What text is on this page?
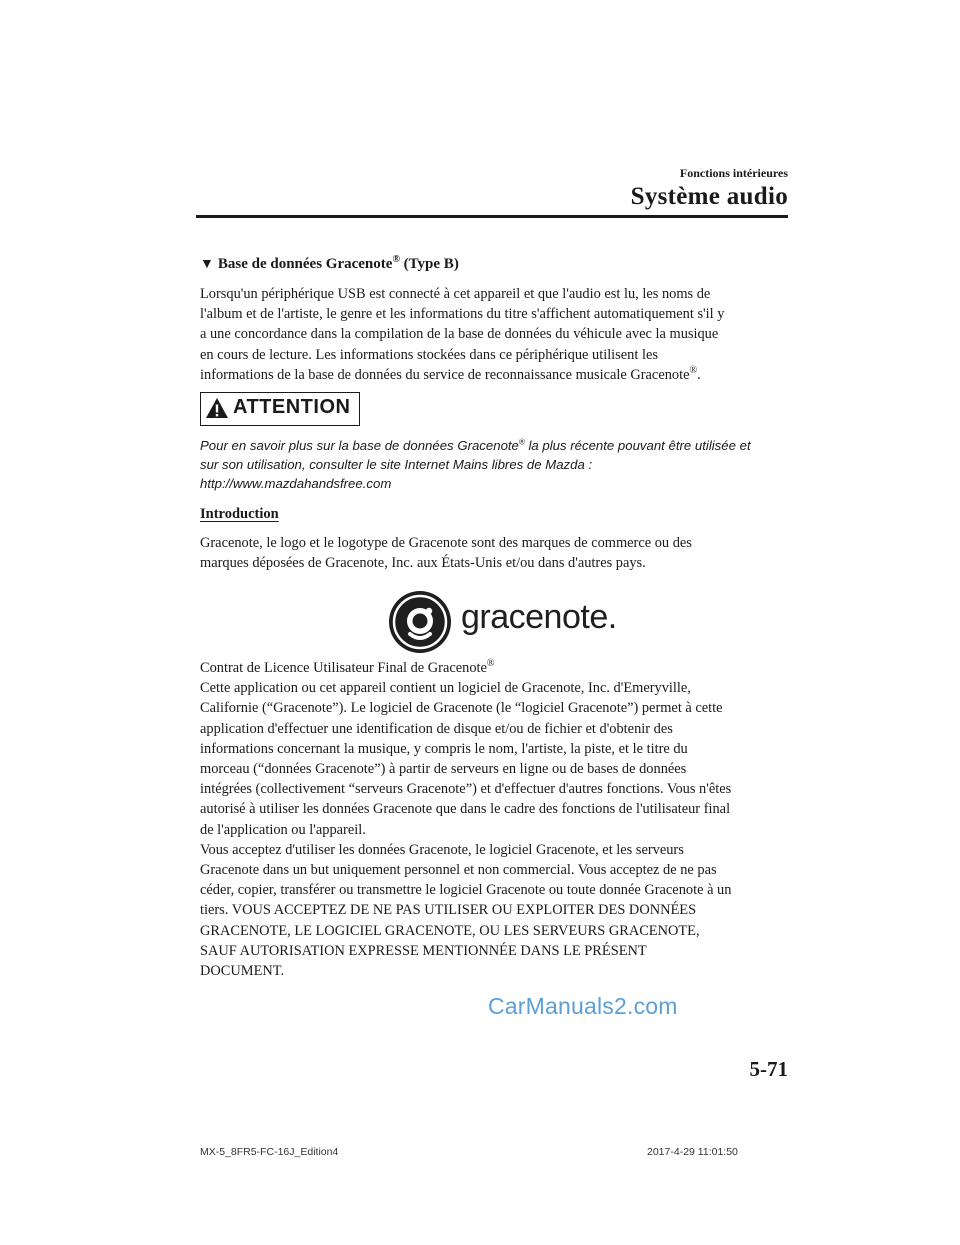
Fonctions intérieures
Système audio
▼ Base de données Gracenote® (Type B)
Lorsqu'un périphérique USB est connecté à cet appareil et que l'audio est lu, les noms de
l'album et de l'artiste, le genre et les informations du titre s'affichent automatiquement s'il y
a une concordance dans la compilation de la base de données du véhicule avec la musique
en cours de lecture. Les informations stockées dans ce périphérique utilisent les
informations de la base de données du service de reconnaissance musicale Gracenote®.
ATTENTION
Pour en savoir plus sur la base de données Gracenote® la plus récente pouvant être utilisée et
sur son utilisation, consulter le site Internet Mains libres de Mazda :
http://www.mazdahandsfree.com
Introduction
Gracenote, le logo et le logotype de Gracenote sont des marques de commerce ou des
marques déposées de Gracenote, Inc. aux États-Unis et/ou dans d'autres pays.
gracenote.
Contrat de Licence Utilisateur Final de Gracenote®
Cette application ou cet appareil contient un logiciel de Gracenote, Inc. d'Emeryville,
Californie (“Gracenote”). Le logiciel de Gracenote (le “logiciel Gracenote”) permet à cette
application d'effectuer une identification de disque et/ou de fichier et d'obtenir des
informations concernant la musique, y compris le nom, l'artiste, la piste, et le titre du
morceau (“données Gracenote”) à partir de serveurs en ligne ou de bases de données
intégrées (collectivement “serveurs Gracenote”) et d'effectuer d'autres fonctions. Vous n'êtes
autorisé à utiliser les données Gracenote que dans le cadre des fonctions de l'utilisateur final
de l'application ou l'appareil.
Vous acceptez d'utiliser les données Gracenote, le logiciel Gracenote, et les serveurs
Gracenote dans un but uniquement personnel et non commercial. Vous acceptez de ne pas
céder, copier, transférer ou transmettre le logiciel Gracenote ou toute donnée Gracenote à un
tiers. VOUS ACCEPTEZ DE NE PAS UTILISER OU EXPLOITER DES DONNÉES
GRACENOTE, LE LOGICIEL GRACENOTE, OU LES SERVEURS GRACENOTE,
SAUF AUTORISATION EXPRESSE MENTIONNÉE DANS LE PRÉSENT
DOCUMENT.
CarManuals2.com
5-71
MX-5_8FR5-FC-16J_Edition4	2017-4-29 11:01:50
